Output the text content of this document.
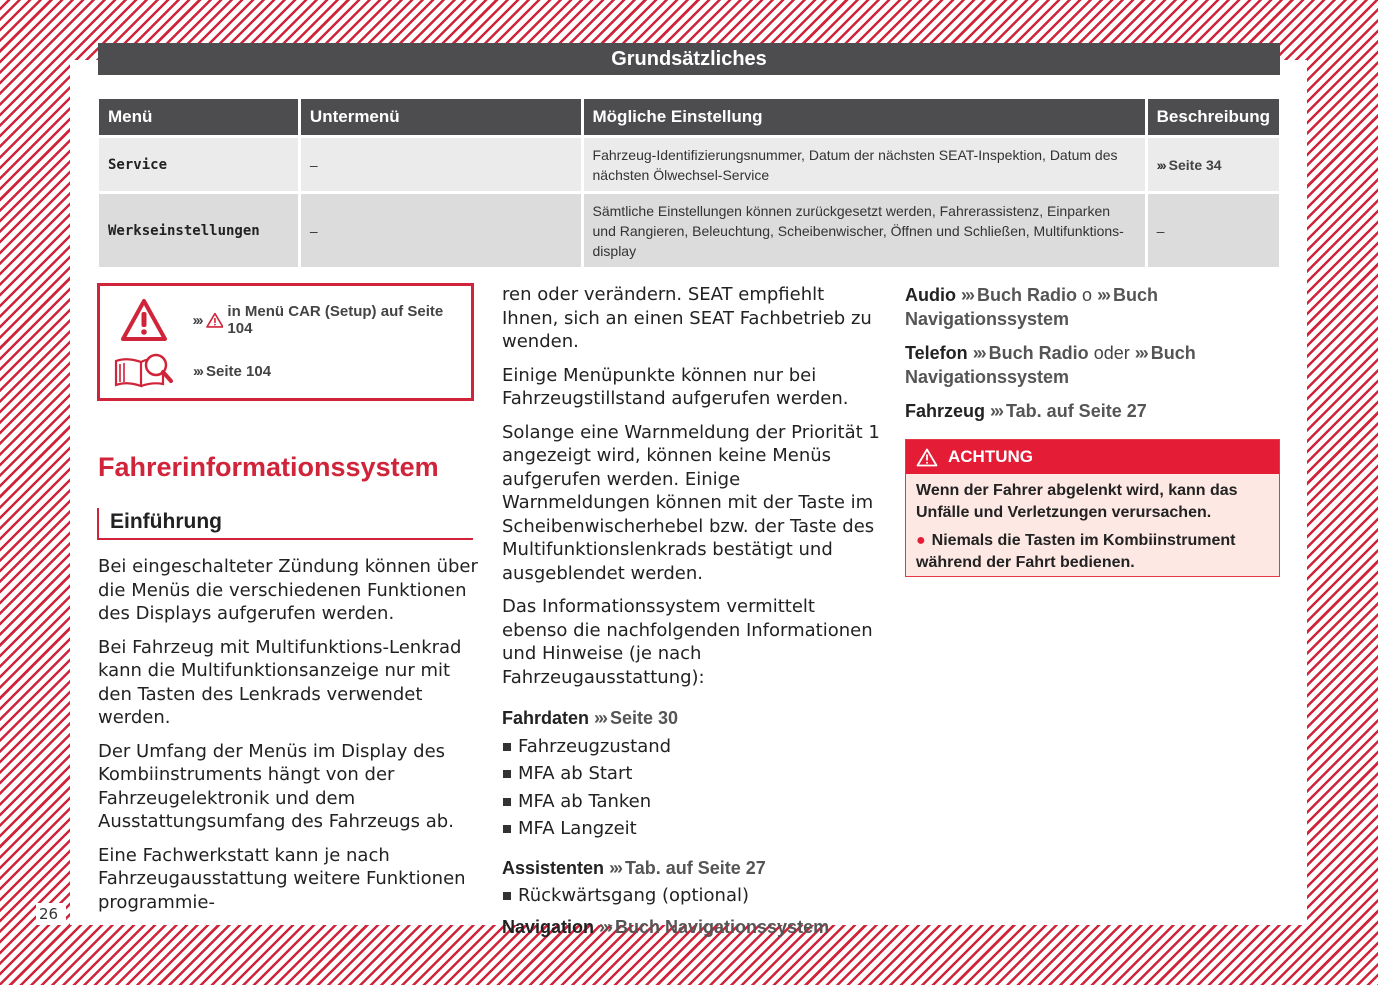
26
Grundsätzliches
Menü	Untermenü	Mögliche Einstellung	Beschreibung
Service	–	Fahrzeug-Identifizierungsnummer, Datum der nächsten SEAT-Inspektion, Datum des nächsten Ölwechsel-Service	››› Seite 34
Werkseinstellungen	–	Sämtliche Einstellungen können zurückgesetzt werden, Fahrerassistenz, Einparken und Rangieren, Beleuchtung, Scheibenwischer, Öffnen und Schließen, Multifunktions-display	–
››› in Menü CAR (Setup) auf Seite 104
››› Seite 104
Fahrerinformationssystem
Einführung

Bei eingeschalteter Zündung können über die Menüs die verschiedenen Funktionen des Displays aufgerufen werden.

Bei Fahrzeug mit Multifunktions-Lenkrad kann die Multifunktionsanzeige nur mit den Tasten des Lenkrads verwendet werden.

Der Umfang der Menüs im Display des Kombiinstruments hängt von der Fahrzeugelektronik und dem Ausstattungsumfang des Fahrzeugs ab.

Eine Fachwerkstatt kann je nach Fahrzeugausstattung weitere Funktionen programmie-

ren oder verändern. SEAT empfiehlt Ihnen, sich an einen SEAT Fachbetrieb zu wenden.

Einige Menüpunkte können nur bei Fahrzeugstillstand aufgerufen werden.

Solange eine Warnmeldung der Priorität 1 angezeigt wird, können keine Menüs aufgerufen werden. Einige Warnmeldungen können mit der Taste im Scheibenwischerhebel bzw. der Taste des Multifunktionslenkrads bestätigt und ausgeblendet werden.

Das Informationssystem vermittelt ebenso die nachfolgenden Informationen und Hinweise (je nach Fahrzeugausstattung):

Fahrdaten ››› Seite 30
Fahrzeugzustand
MFA ab Start
MFA ab Tanken
MFA Langzeit
Assistenten ››› Tab. auf Seite 27
Rückwärtsgang (optional)
Navigation ››› Buch Navigationssystem
Audio ››› Buch Radio o ››› Buch Navigationssystem
Telefon ››› Buch Radio oder ››› Buch Navigationssystem
Fahrzeug ››› Tab. auf Seite 27
ACHTUNG

Wenn der Fahrer abgelenkt wird, kann das Unfälle und Verletzungen verursachen.

● Niemals die Tasten im Kombiinstrument während der Fahrt bedienen.
